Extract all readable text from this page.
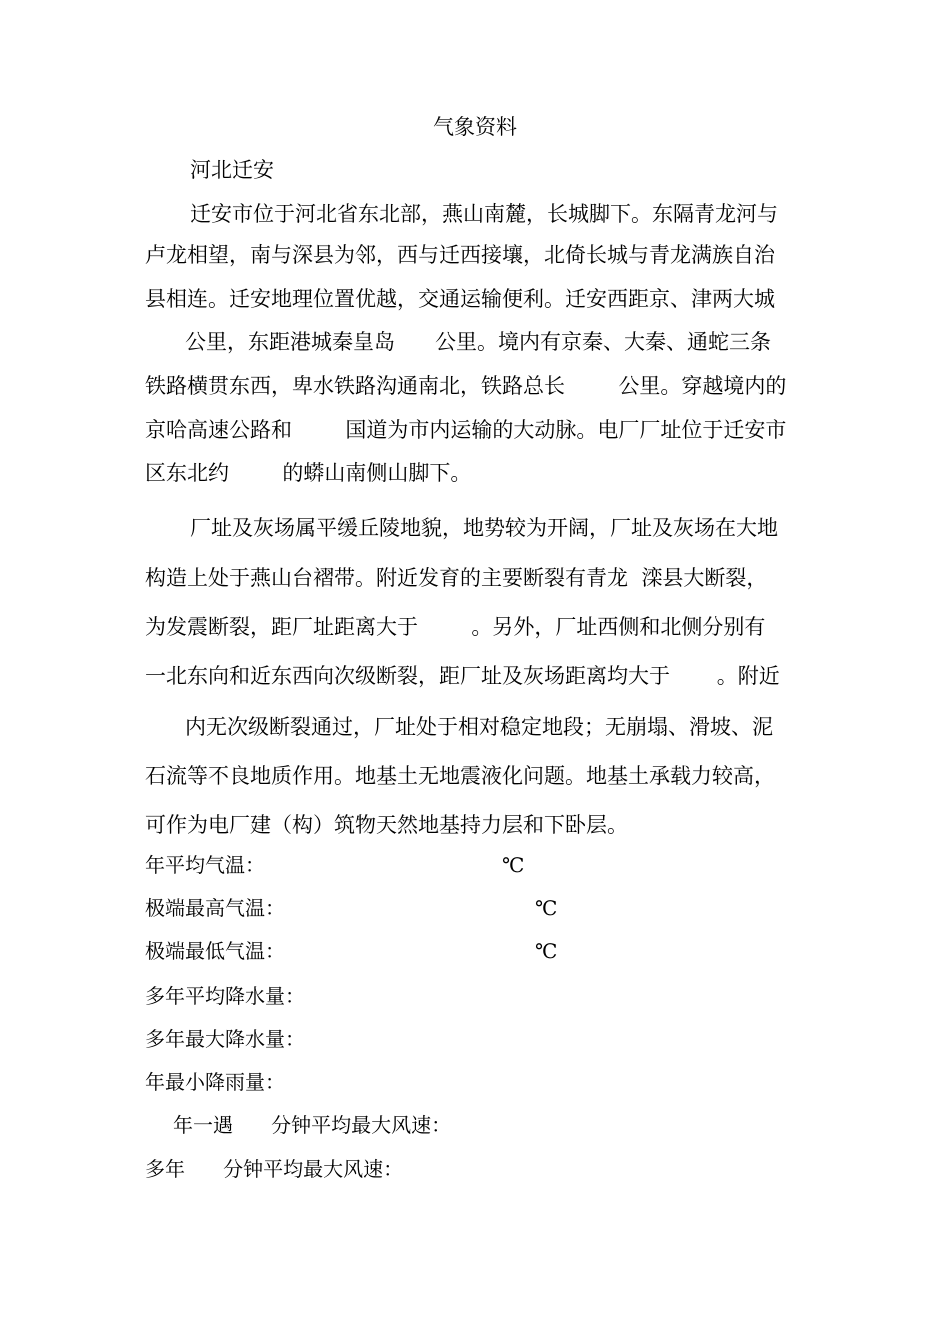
气象资料
河北迁安
迁安市位于河北省东北部，燕山南麓，长城脚下。东隔青龙河与
卢龙相望，南与深县为邻，西与迁西接壤，北倚长城与青龙满族自治
县相连。迁安地理位置优越，交通运输便利。迁安西距京、津两大城
公里，东距港城秦皇岛      公里。境内有京秦、大秦、通蛇三条
铁路横贯东西，卑水铁路沟通南北，铁路总长        公里。穿越境内的
京哈高速公路和        国道为市内运输的大动脉。电厂厂址位于迁安市
区东北约        的蟒山南侧山脚下。
厂址及灰场属平缓丘陵地貌，地势较为开阔，厂址及灰场在大地
构造上处于燕山台褶带。附近发育的主要断裂有青龙  滦县大断裂，
为发震断裂，距厂址距离大于        。另外，厂址西侧和北侧分别有
一北东向和近东西向次级断裂，距厂址及灰场距离均大于       。附近
内无次级断裂通过，厂址处于相对稳定地段；无崩塌、滑坡、泥
石流等不良地质作用。地基土无地震液化问题。地基土承载力较高，
可作为电厂建（构）筑物天然地基持力层和下卧层。
年平均气温：	℃
极端最高气温：	℃
极端最低气温：	℃
多年平均降水量：
多年最大降水量：
年最小降雨量：
年一遇      分钟平均最大风速：
多年      分钟平均最大风速：
